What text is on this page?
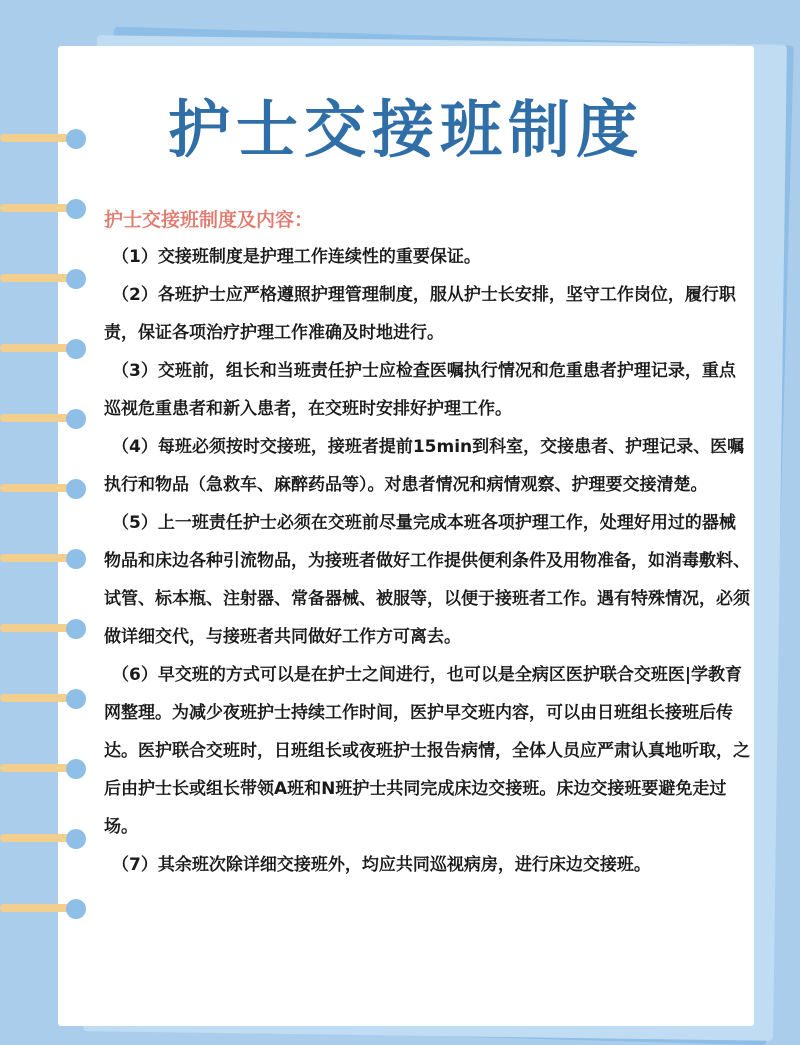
护士交接班制度
护士交接班制度及内容：

（1）交接班制度是护理工作连续性的重要保证。

（2）各班护士应严格遵照护理管理制度，服从护士长安排，坚守工作岗位，履行职责，保证各项治疗护理工作准确及时地进行。

（3）交班前，组长和当班责任护士应检查医嘱执行情况和危重患者护理记录，重点巡视危重患者和新入患者，在交班时安排好护理工作。

（4）每班必须按时交接班，接班者提前15min到科室，交接患者、护理记录、医嘱执行和物品（急救车、麻醉药品等）。对患者情况和病情观察、护理要交接清楚。

（5）上一班责任护士必须在交班前尽量完成本班各项护理工作，处理好用过的器械物品和床边各种引流物品，为接班者做好工作提供便利条件及用物准备，如消毒敷料、试管、标本瓶、注射器、常备器械、被服等，以便于接班者工作。遇有特殊情况，必须做详细交代，与接班者共同做好工作方可离去。

（6）早交班的方式可以是在护士之间进行，也可以是全病区医护联合交班医|学教育网整理。为减少夜班护士持续工作时间，医护早交班内容，可以由日班组长接班后传达。医护联合交班时，日班组长或夜班护士报告病情，全体人员应严肃认真地听取，之后由护士长或组长带领A班和N班护士共同完成床边交接班。床边交接班要避免走过场。

（7）其余班次除详细交接班外，均应共同巡视病房，进行床边交接班。
